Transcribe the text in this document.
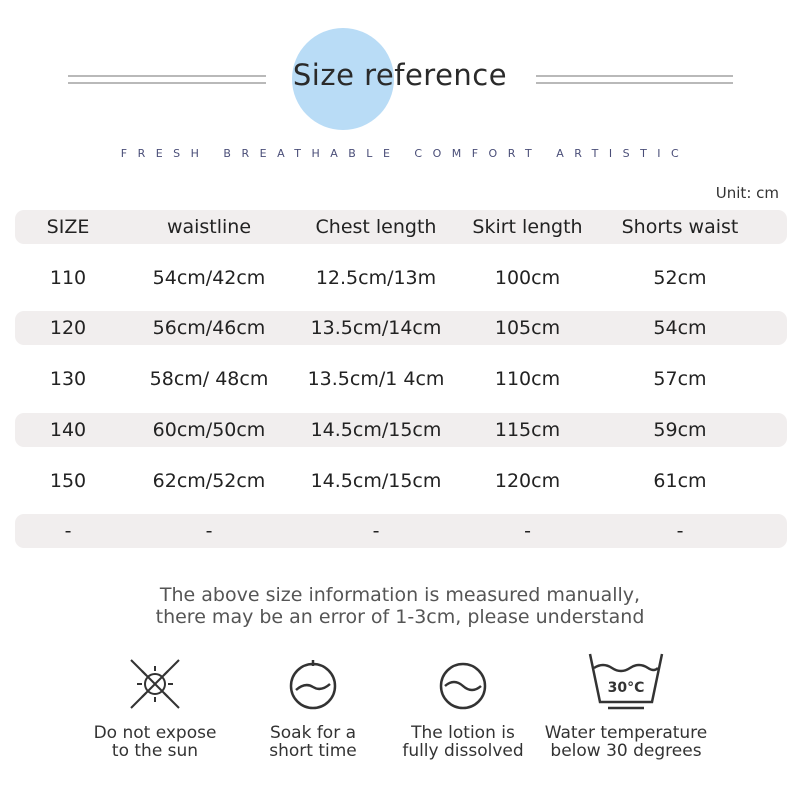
Size reference
FRESH BREATHABLE COMFORT ARTISTIC
Unit: cm
SIZE	waistline	Chest length	Skirt length	Shorts waist
110	54cm/42cm	12.5cm/13m	100cm	52cm
120	56cm/46cm	13.5cm/14cm	105cm	54cm
130	58cm/ 48cm	13.5cm/1 4cm	110cm	57cm
140	60cm/50cm	14.5cm/15cm	115cm	59cm
150	62cm/52cm	14.5cm/15cm	120cm	61cm
-	-	-	-	-
The above size information is measured manually,
there may be an error of 1-3cm, please understand
Do not expose
to the sun
Soak for a
short time
The lotion is
fully dissolved
30°C
Water temperature
below 30 degrees
